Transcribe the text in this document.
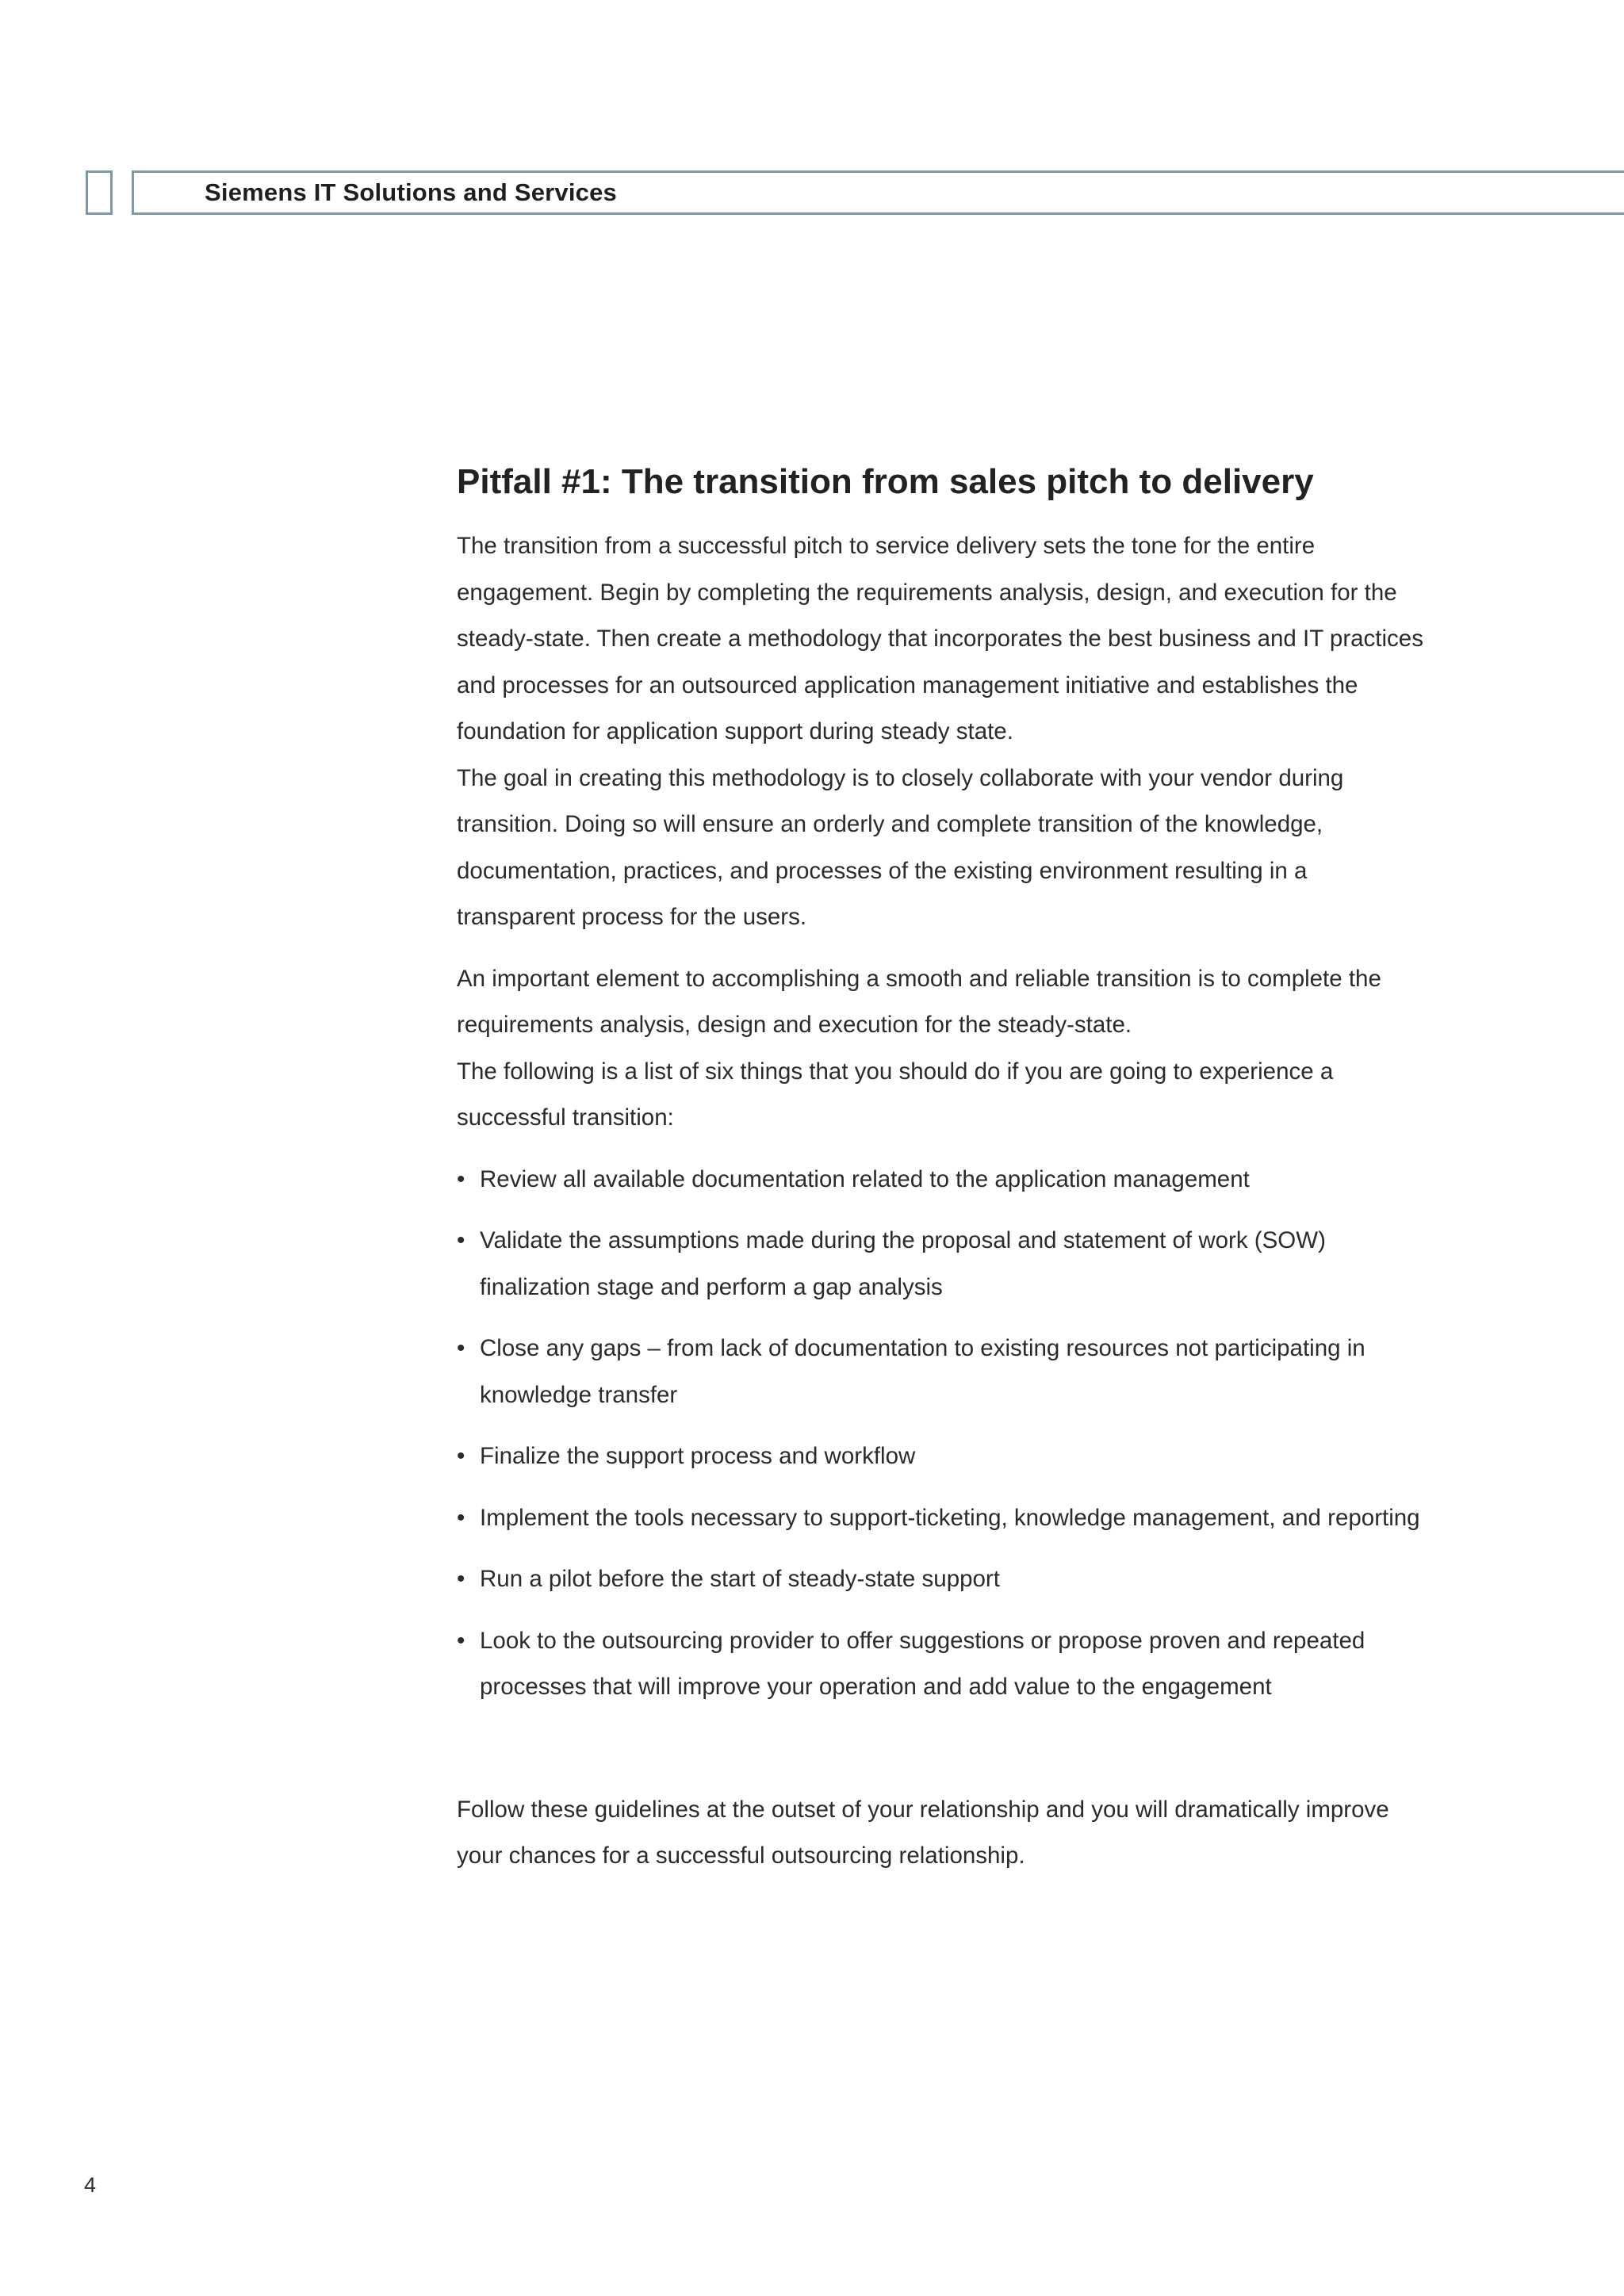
Siemens IT Solutions and Services
Pitfall #1: The transition from sales pitch to delivery

The transition from a successful pitch to service delivery sets the tone for the entire engagement. Begin by completing the requirements analysis, design, and execution for the steady-state. Then create a methodology that incorporates the best business and IT practices and processes for an outsourced application management initiative and establishes the foundation for application support during steady state.

The goal in creating this methodology is to closely collaborate with your vendor during transition. Doing so will ensure an orderly and complete transition of the knowledge, documentation, practices, and processes of the existing environment resulting in a transparent process for the users.

An important element to accomplishing a smooth and reliable transition is to complete the requirements analysis, design and execution for the steady-state.

The following is a list of six things that you should do if you are going to experience a successful transition:

• Review all available documentation related to the application management
• Validate the assumptions made during the proposal and statement of work (SOW) finalization stage and perform a gap analysis
• Close any gaps – from lack of documentation to existing resources not participating in knowledge transfer
• Finalize the support process and workflow
• Implement the tools necessary to support-ticketing, knowledge management, and reporting
• Run a pilot before the start of steady-state support
• Look to the outsourcing provider to offer suggestions or propose proven and repeated processes that will improve your operation and add value to the engagement

Follow these guidelines at the outset of your relationship and you will dramatically improve your chances for a successful outsourcing relationship.

4
